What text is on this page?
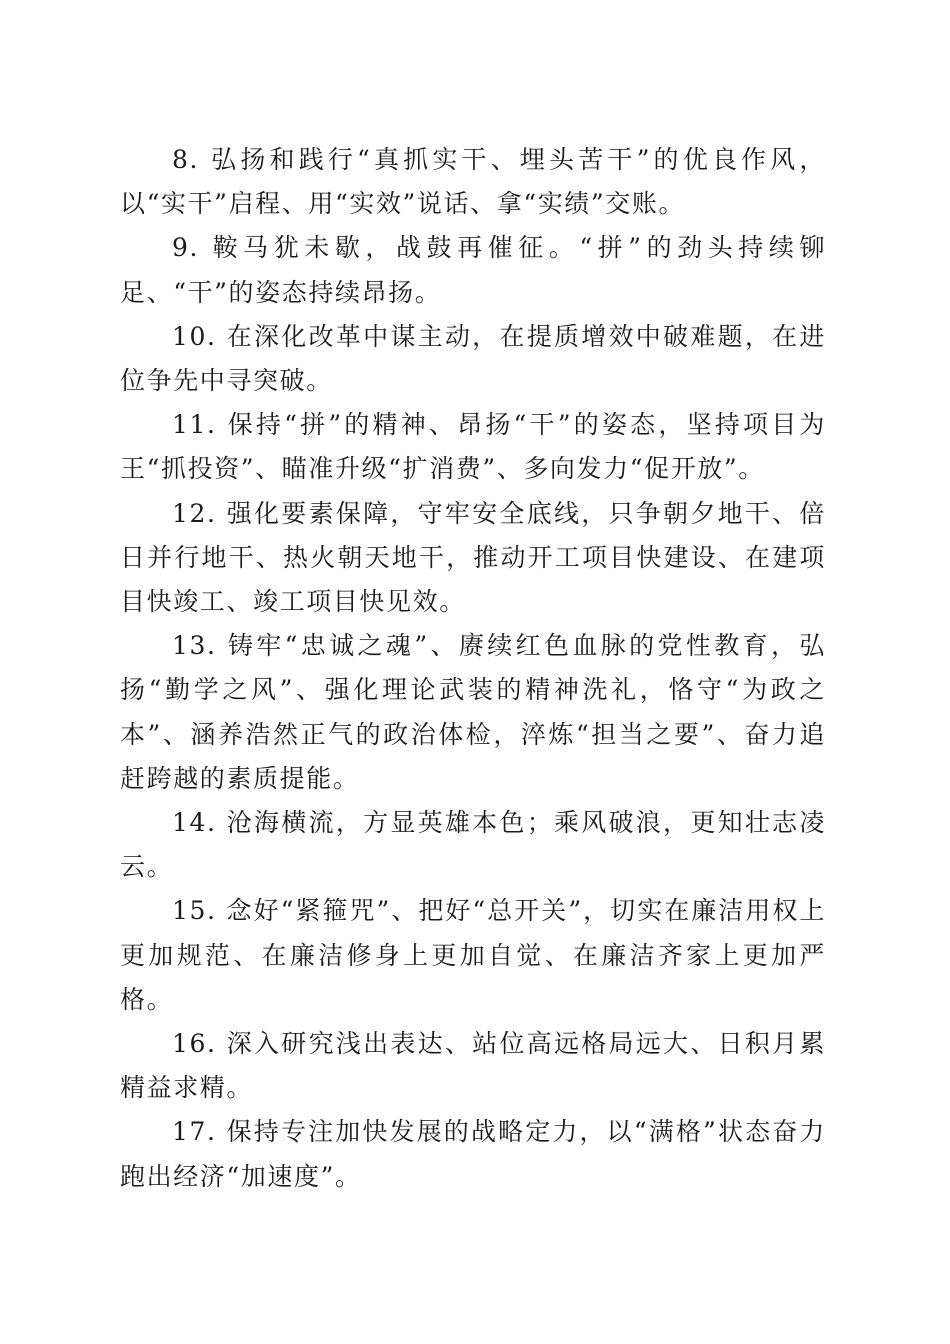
8. 弘扬和践行“真抓实干、埋头苦干”的优良作风，以“实干”启程、用“实效”说话、拿“实绩”交账。

9. 鞍马犹未歇，战鼓再催征。“拼”的劲头持续铆足、“干”的姿态持续昂扬。

10. 在深化改革中谋主动，在提质增效中破难题，在进位争先中寻突破。

11. 保持“拼”的精神、昂扬“干”的姿态，坚持项目为王“抓投资”、瞄准升级“扩消费”、多向发力“促开放”。

12. 强化要素保障，守牢安全底线，只争朝夕地干、倍日并行地干、热火朝天地干，推动开工项目快建设、在建项目快竣工、竣工项目快见效。

13. 铸牢“忠诚之魂”、赓续红色血脉的党性教育，弘扬“勤学之风”、强化理论武装的精神洗礼，恪守“为政之本”、涵养浩然正气的政治体检，淬炼“担当之要”、奋力追赶跨越的素质提能。

14. 沧海横流，方显英雄本色；乘风破浪，更知壮志凌云。

15. 念好“紧箍咒”、把好“总开关”，切实在廉洁用权上更加规范、在廉洁修身上更加自觉、在廉洁齐家上更加严格。

16. 深入研究浅出表达、站位高远格局远大、日积月累精益求精。

17. 保持专注加快发展的战略定力，以“满格”状态奋力跑出经济“加速度”。
